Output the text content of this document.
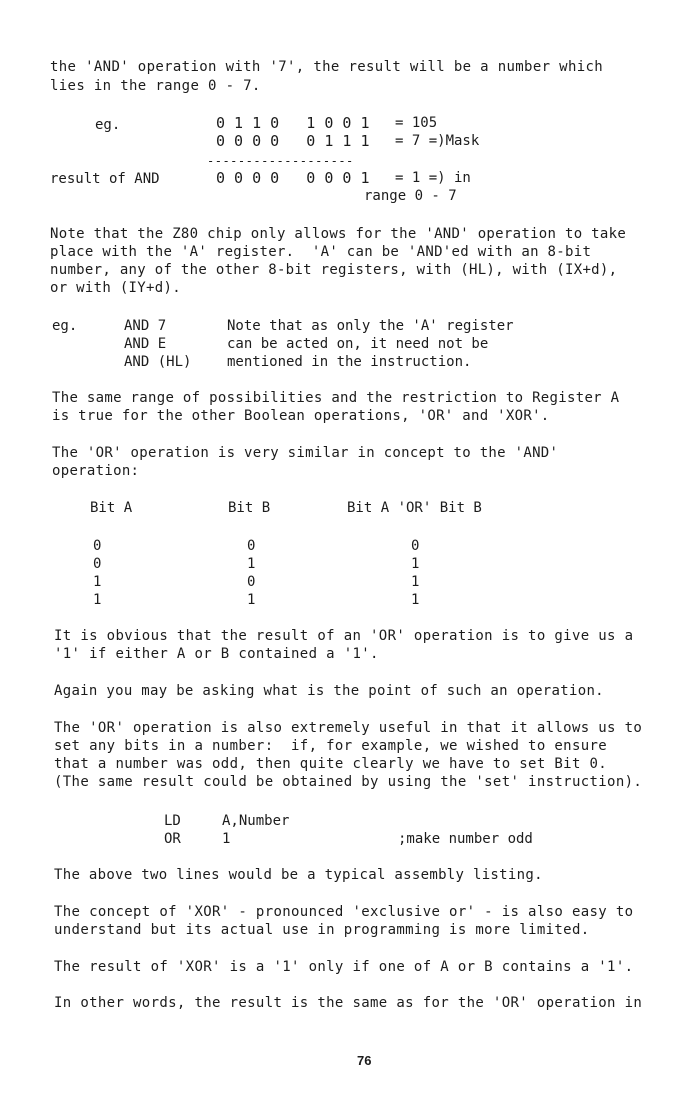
the 'AND' operation with '7', the result will be a number which
lies in the range 0 - 7.
eg.	0 1 1 0   1 0 0 1 = 105
0 0 0 0   0 1 1 1 = 7 =)Mask
-------------------
result of AND	0 0 0 0   0 0 0 1 = 1 =) in
range 0 - 7
Note that the Z80 chip only allows for the 'AND' operation to take
place with the 'A' register.  'A' can be 'AND'ed with an 8-bit
number, any of the other 8-bit registers, with (HL), with (IX+d),
or with (IY+d).
eg.	AND 7
AND E
AND (HL)
Note that as only the 'A' register
can be acted on, it need not be
mentioned in the instruction.
The same range of possibilities and the restriction to Register A
is true for the other Boolean operations, 'OR' and 'XOR'.
The 'OR' operation is very similar in concept to the 'AND'
operation:
Bit A	Bit B	Bit A 'OR' Bit B
0	0	0
0	1	1
1	0	1
1	1	1
It is obvious that the result of an 'OR' operation is to give us a
'1' if either A or B contained a '1'.
Again you may be asking what is the point of such an operation.
The 'OR' operation is also extremely useful in that it allows us to
set any bits in a number:  if, for example, we wished to ensure
that a number was odd, then quite clearly we have to set Bit 0.
(The same result could be obtained by using the 'set' instruction).
LD	A,Number
OR	1	;make number odd
The above two lines would be a typical assembly listing.
The concept of 'XOR' - pronounced 'exclusive or' - is also easy to
understand but its actual use in programming is more limited.
The result of 'XOR' is a '1' only if one of A or B contains a '1'.
In other words, the result is the same as for the 'OR' operation in
76
